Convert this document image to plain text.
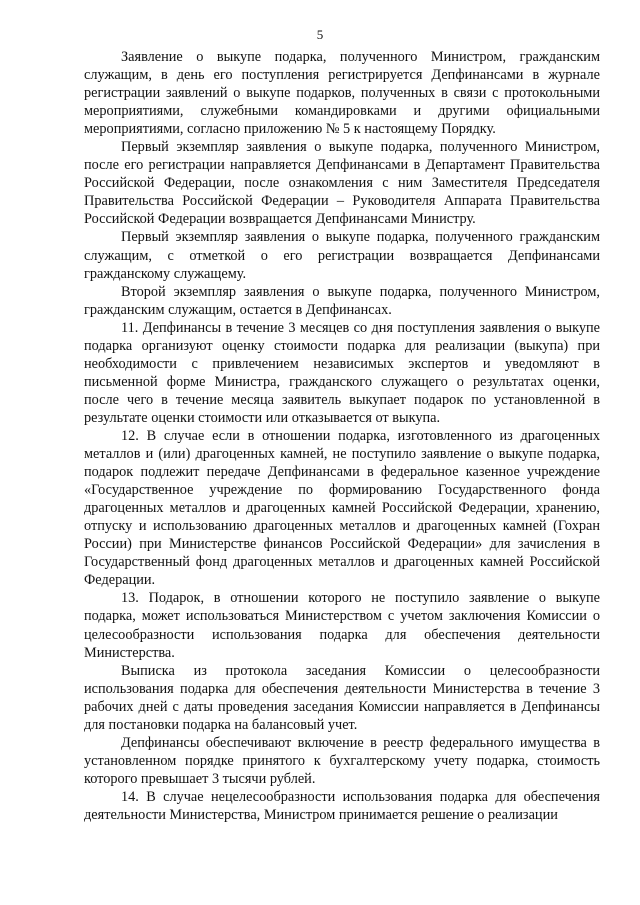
5

Заявление о выкупе подарка, полученного Министром, гражданским служащим, в день его поступления регистрируется Депфинансами в журнале регистрации заявлений о выкупе подарков, полученных в связи с протокольными мероприятиями, служебными командировками и другими официальными мероприятиями, согласно приложению № 5 к настоящему Порядку.

Первый экземпляр заявления о выкупе подарка, полученного Министром, после его регистрации направляется Депфинансами в Департамент Правительства Российской Федерации, после ознакомления с ним Заместителя Председателя Правительства Российской Федерации – Руководителя Аппарата Правительства Российской Федерации возвращается Депфинансами Министру.

Первый экземпляр заявления о выкупе подарка, полученного гражданским служащим, с отметкой о его регистрации возвращается Депфинансами гражданскому служащему.

Второй экземпляр заявления о выкупе подарка, полученного Министром, гражданским служащим, остается в Депфинансах.

11. Депфинансы в течение 3 месяцев со дня поступления заявления о выкупе подарка организуют оценку стоимости подарка для реализации (выкупа) при необходимости с привлечением независимых экспертов и уведомляют в письменной форме Министра, гражданского служащего о результатах оценки, после чего в течение месяца заявитель выкупает подарок по установленной в результате оценки стоимости или отказывается от выкупа.

12. В случае если в отношении подарка, изготовленного из драгоценных металлов и (или) драгоценных камней, не поступило заявление о выкупе подарка, подарок подлежит передаче Депфинансами в федеральное казенное учреждение «Государственное учреждение по формированию Государственного фонда драгоценных металлов и драгоценных камней Российской Федерации, хранению, отпуску и использованию драгоценных металлов и драгоценных камней (Гохран России) при Министерстве финансов Российской Федерации» для зачисления в Государственный фонд драгоценных металлов и драгоценных камней Российской Федерации.

13. Подарок, в отношении которого не поступило заявление о выкупе подарка, может использоваться Министерством с учетом заключения Комиссии о целесообразности использования подарка для обеспечения деятельности Министерства.

Выписка из протокола заседания Комиссии о целесообразности использования подарка для обеспечения деятельности Министерства в течение 3 рабочих дней с даты проведения заседания Комиссии направляется в Депфинансы для постановки подарка на балансовый учет.

Депфинансы обеспечивают включение в реестр федерального имущества в установленном порядке принятого к бухгалтерскому учету подарка, стоимость которого превышает 3 тысячи рублей.

14. В случае нецелесообразности использования подарка для обеспечения деятельности Министерства, Министром принимается решение о реализации
